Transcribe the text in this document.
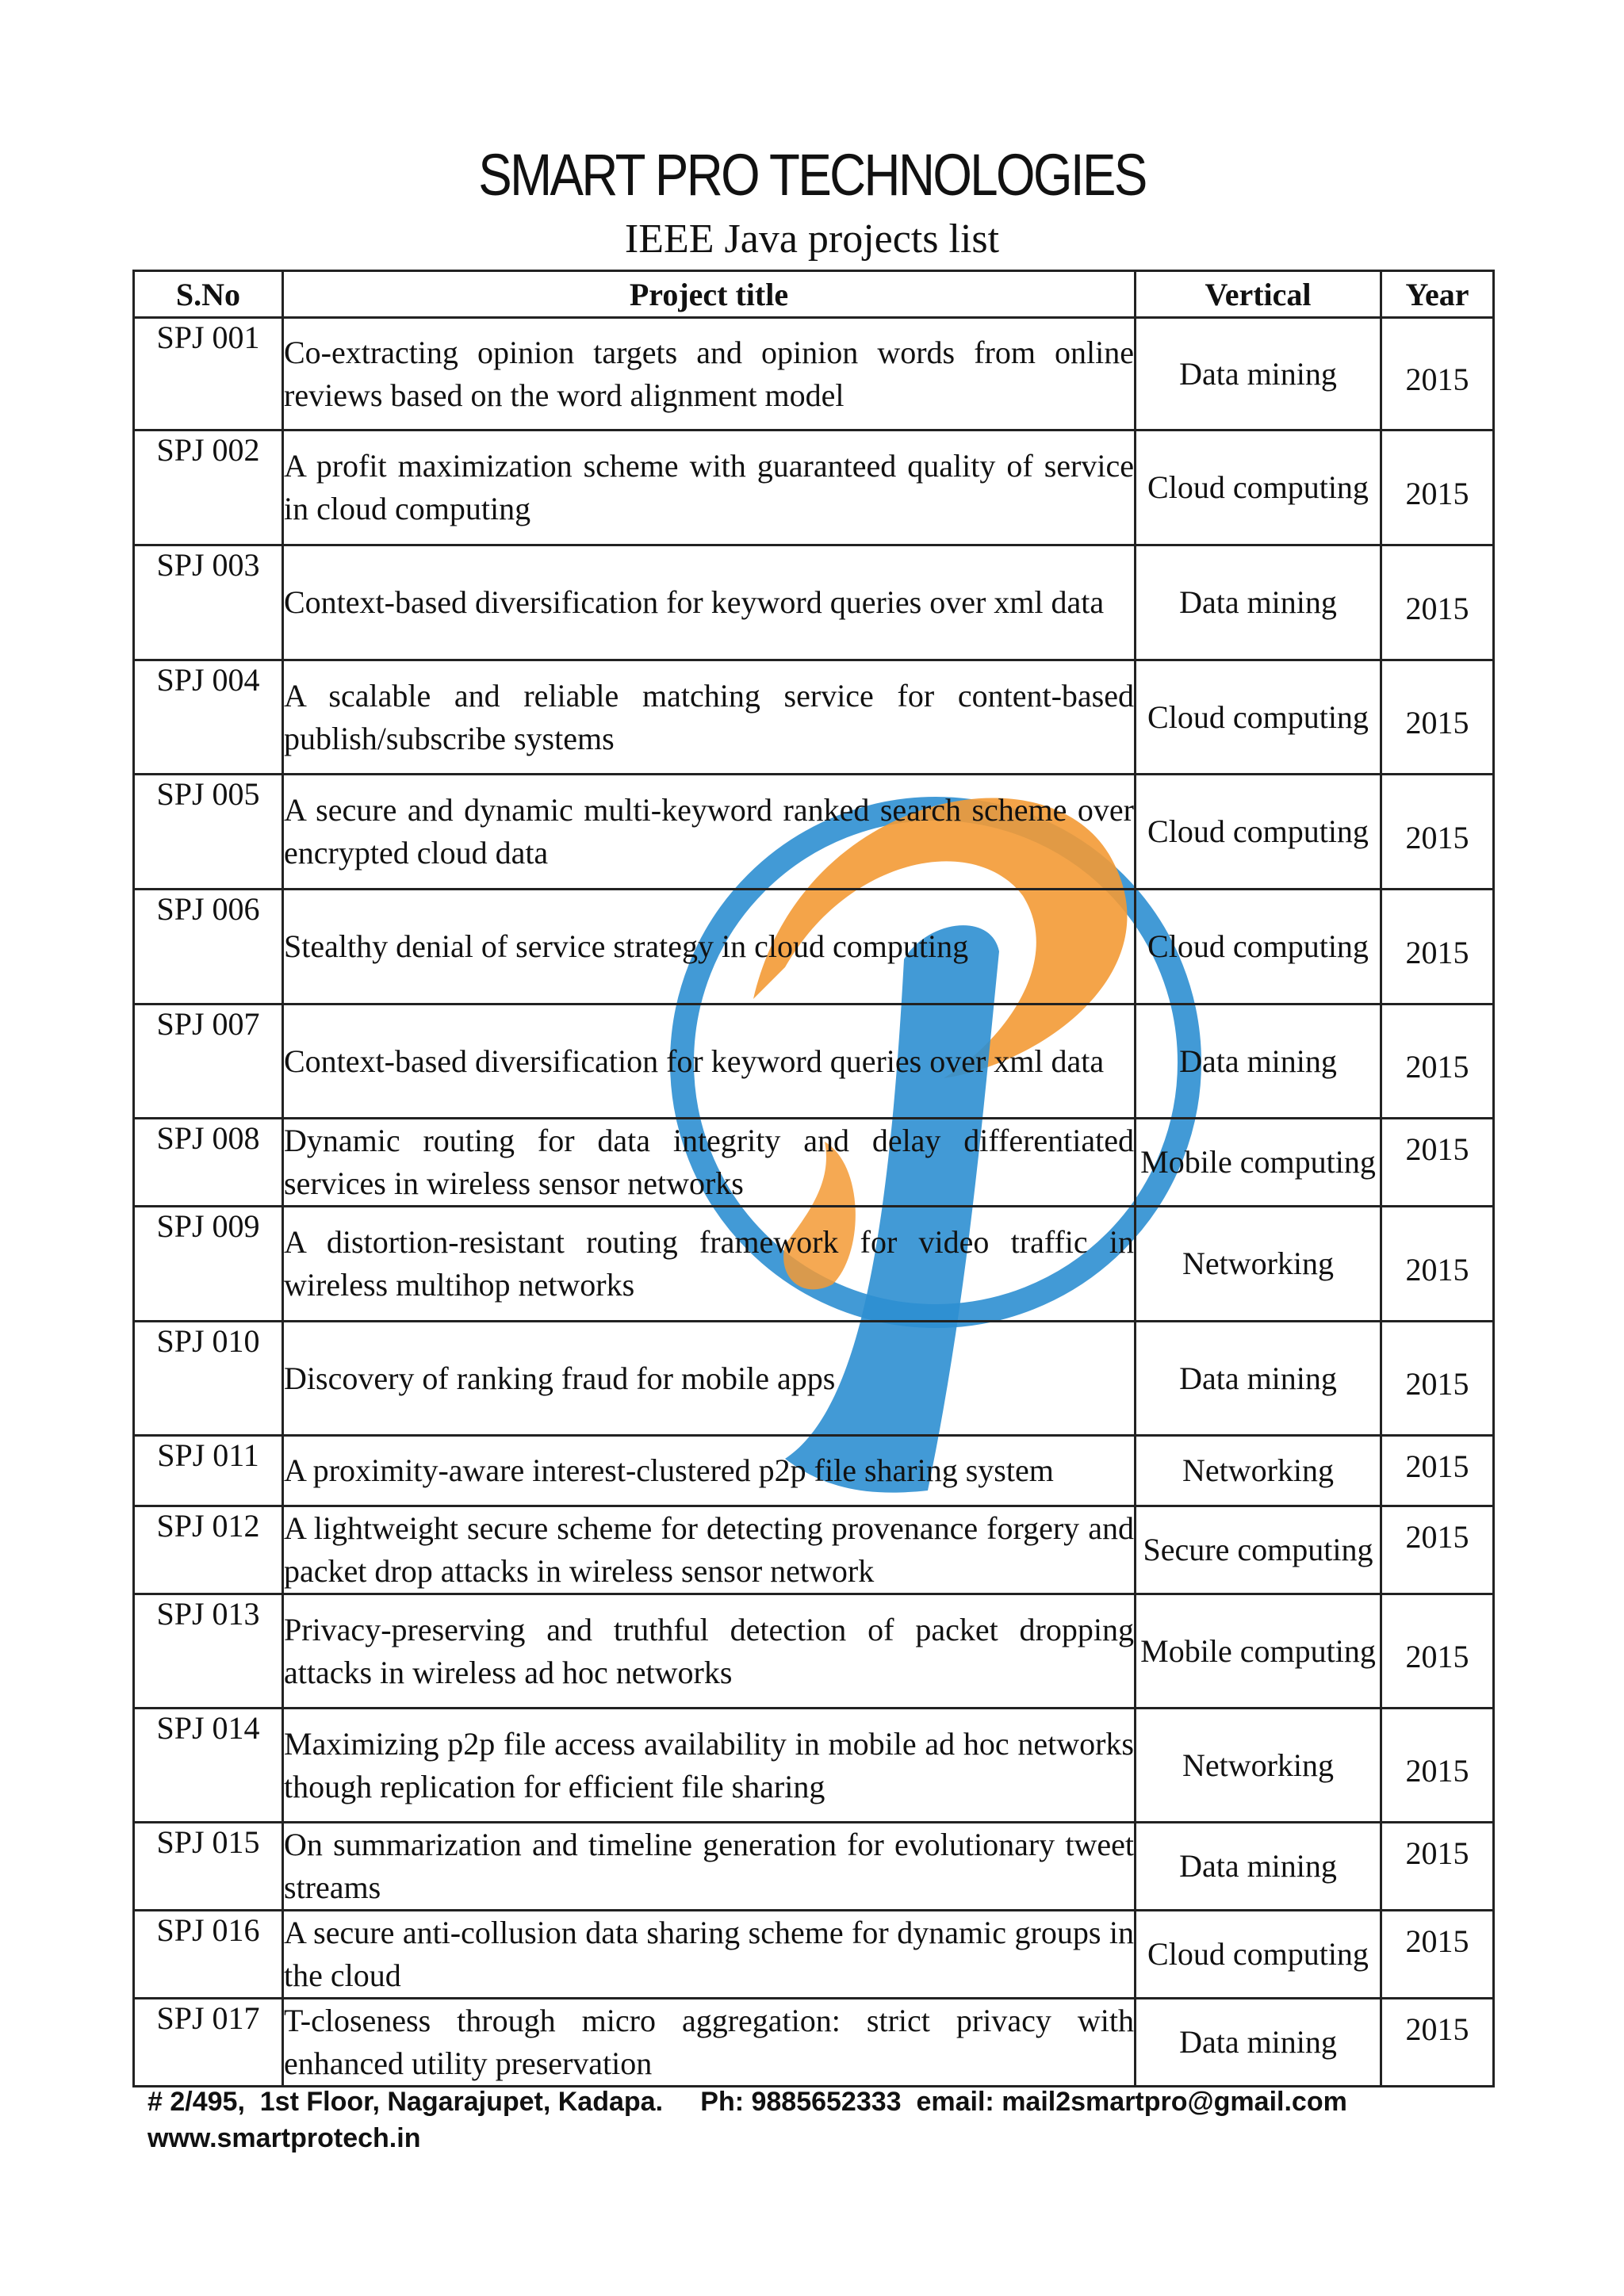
SMART PRO TECHNOLOGIES
IEEE Java projects list
S.No	Project title	Vertical	Year
SPJ 001	Co-extracting opinion targets and opinion words from online reviews based on the word alignment model	Data mining	2015
SPJ 002	A profit maximization scheme with guaranteed quality of service in cloud computing	Cloud computing	2015
SPJ 003	Context-based diversification for keyword queries over xml data	Data mining	2015
SPJ 004	A scalable and reliable matching service for content-based publish/subscribe systems	Cloud computing	2015
SPJ 005	A secure and dynamic multi-keyword ranked search scheme over encrypted cloud data	Cloud computing	2015
SPJ 006	Stealthy denial of service strategy in cloud computing	Cloud computing	2015
SPJ 007	Context-based diversification for keyword queries over xml data	Data mining	2015
SPJ 008	Dynamic routing for data integrity and delay differentiated services in wireless sensor networks	Mobile computing	2015
SPJ 009	A distortion-resistant routing framework for video traffic in wireless multihop networks	Networking	2015
SPJ 010	Discovery of ranking fraud for mobile apps	Data mining	2015
SPJ 011	A proximity-aware interest-clustered p2p file sharing system	Networking	2015
SPJ 012	A lightweight secure scheme for detecting provenance forgery and packet drop attacks in wireless sensor network	Secure computing	2015
SPJ 013	Privacy-preserving and truthful detection of packet dropping attacks in wireless ad hoc networks	Mobile computing	2015
SPJ 014	Maximizing p2p file access availability in mobile ad hoc networks though replication for efficient file sharing	Networking	2015
SPJ 015	On summarization and timeline generation for evolutionary tweet streams	Data mining	2015
SPJ 016	A secure anti-collusion data sharing scheme for dynamic groups in the cloud	Cloud computing	2015
SPJ 017	T-closeness through micro aggregation: strict privacy with enhanced utility preservation	Data mining	2015
# 2/495,  1st Floor, Nagarajupet, Kadapa. Ph: 9885652333 email: mail2smartpro@gmail.com
www.smartprotech.in
